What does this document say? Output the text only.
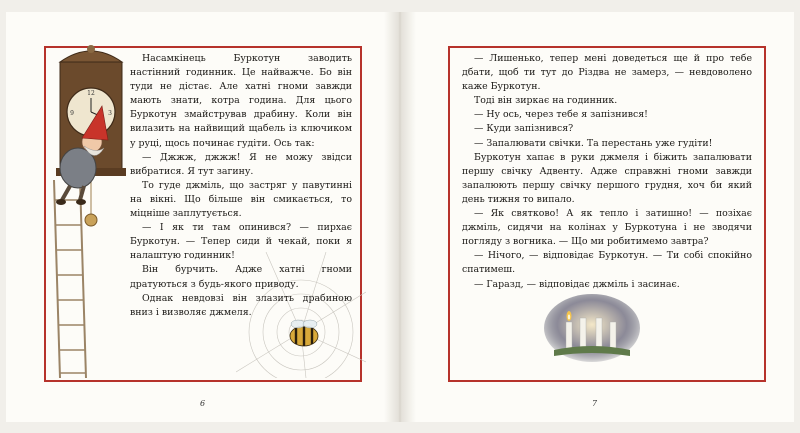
12
3
9

Насамкінець Буркотун заводить настінний годинник. Це найважче. Бо він туди не дістає. Але хатні гноми завжди мають знати, котра година. Для цього Буркотун змайстрував драбину. Коли він вилазить на найвищий щабель із ключиком у руці, щось починає гудіти. Ось так:

— Джжж, джжж! Я не можу звідси вибратися. Я тут загину.

То гуде джміль, що застряг у павутинні на вікні. Що більше він смикається, то міцніше заплутується.

— І як ти там опинився? — пирхає Буркотун. — Тепер сиди й чекай, поки я налаштую годинник!

Він бурчить. Адже хатні гноми дратуються з будь-якого приводу.

Однак невдовзі він злазить драбиною вниз і визволяє джмеля.

6

— Лишенько, тепер мені доведеться ще й про тебе дбати, щоб ти тут до Різдва не замерз, — невдоволено каже Буркотун.

Тоді він зиркає на годинник.

— Ну ось, через тебе я запізнився!

— Куди запізнився?

— Запалювати свічки. Та перестань уже гудіти!

Буркотун хапає в руки джмеля і біжить запалювати першу свічку Адвенту. Адже справжні гноми завжди запалюють першу свічку першого грудня, хоч би який день тижня то випало.

— Як святково! А як тепло і затишно! — позіхає джміль, сидячи на колінах у Буркотуна і не зводячи погляду з вогника. — Що ми робитимемо завтра?

— Нічого, — відповідає Буркотун. — Ти собі спокійно спатимеш.

— Гаразд, — відповідає джміль і засинає.

7
